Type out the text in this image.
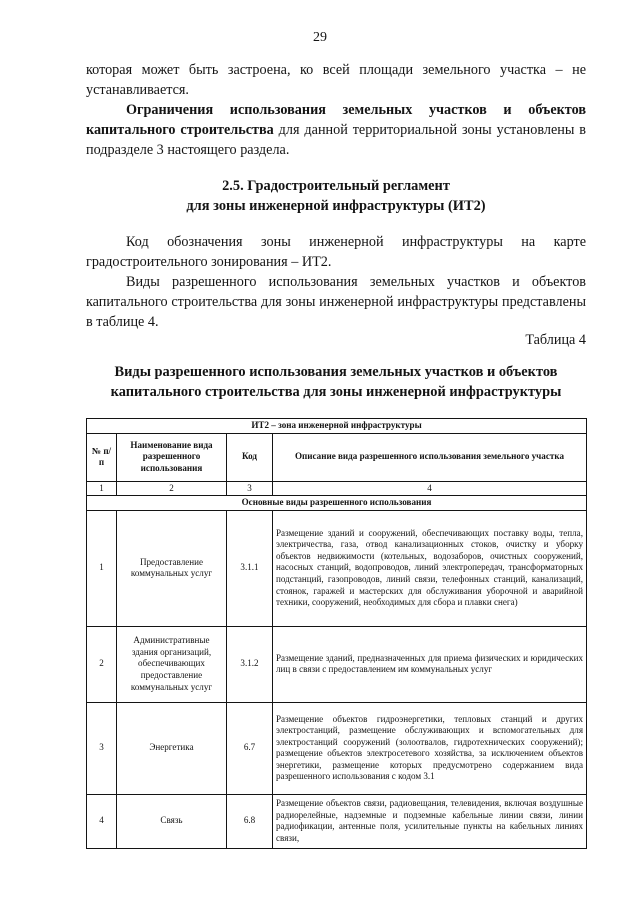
29
которая может быть застроена, ко всей площади земельного участка – не
устанавливается.
Ограничения использования земельных участков и объектов капитального строительства для данной территориальной зоны установлены в подразделе 3 настоящего раздела.
2.5. Градостроительный регламент
для зоны инженерной инфраструктуры (ИТ2)
Код обозначения зоны инженерной инфраструктуры на карте градостроительного зонирования – ИТ2.
Виды разрешенного использования земельных участков и объектов капитального строительства для зоны инженерной инфраструктуры представлены в таблице 4.
Таблица 4
Виды разрешенного использования земельных участков и объектов
капитального строительства для зоны инженерной инфраструктуры
ИТ2 – зона инженерной инфраструктуры			
№ п/п	Наименование вида разрешенного использования	Код	Описание вида разрешенного использования земельного участка
1	2	3	4
Основные виды разрешенного использования			
1	Предоставление коммунальных услуг	3.1.1	Размещение зданий и сооружений, обеспечивающих поставку воды, тепла, электричества, газа, отвод канализационных стоков, очистку и уборку объектов недвижимости (котельных, водозаборов, очистных сооружений, насосных станций, водопроводов, линий электропередач, трансформаторных подстанций, газопроводов, линий связи, телефонных станций, канализаций, стоянок, гаражей и мастерских для обслуживания уборочной и аварийной техники, сооружений, необходимых для сбора и плавки снега)
2	Административные здания организаций, обеспечивающих предоставление коммунальных услуг	3.1.2	Размещение зданий, предназначенных для приема физических и юридических лиц в связи с предоставлением им коммунальных услуг
3	Энергетика	6.7	Размещение объектов гидроэнергетики, тепловых станций и других электростанций, размещение обслуживающих и вспомогательных для электростанций сооружений (золоотвалов, гидротехнических сооружений); размещение объектов электросетевого хозяйства, за исключением объектов энергетики, размещение которых предусмотрено содержанием вида разрешенного использования с кодом 3.1
4	Связь	6.8	Размещение объектов связи, радиовещания, телевидения, включая воздушные радиорелейные, надземные и подземные кабельные линии связи, линии радиофикации, антенные поля, усилительные пункты на кабельных линиях связи,
